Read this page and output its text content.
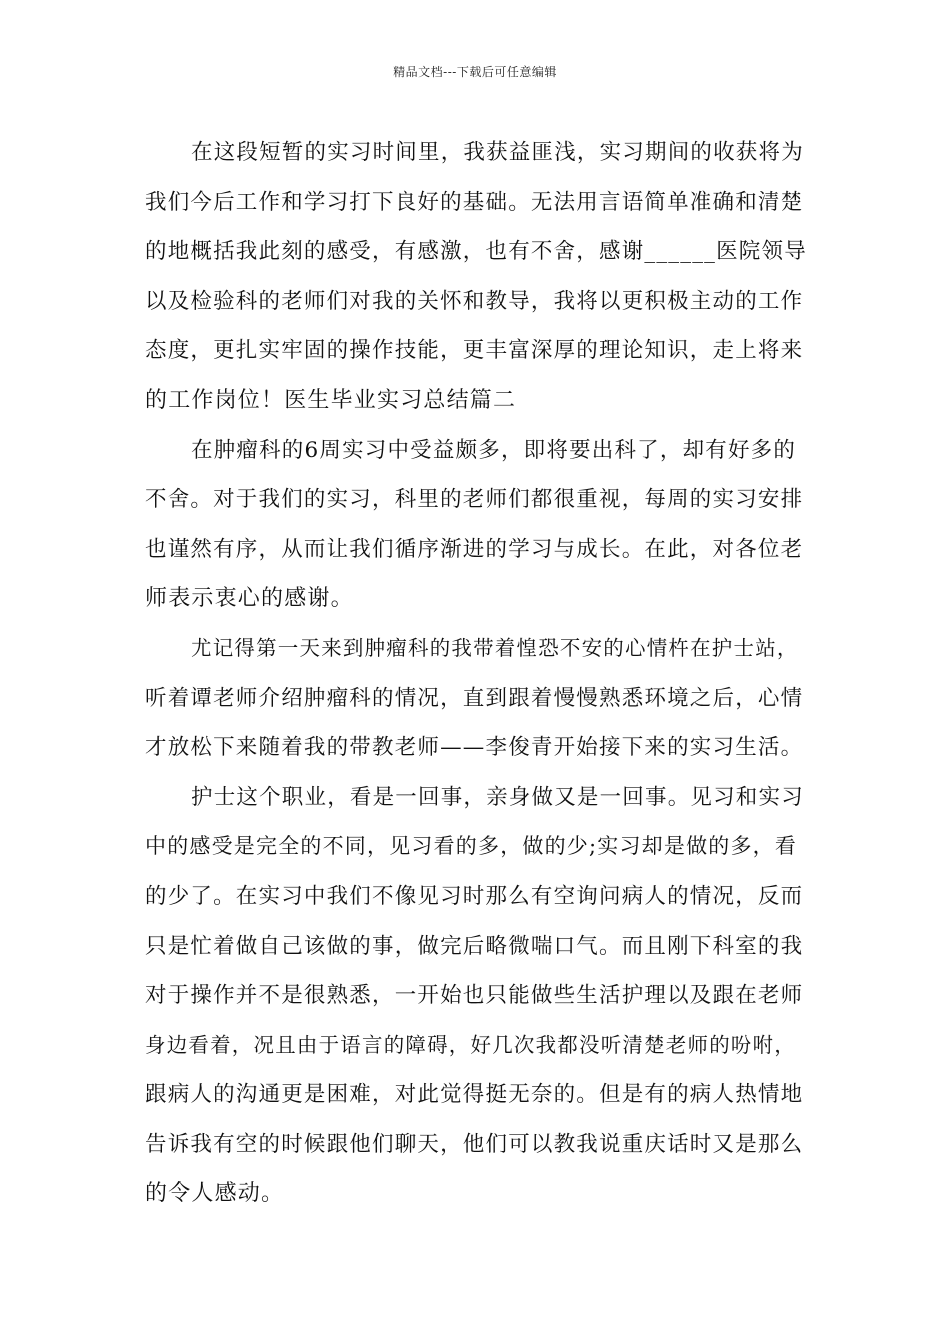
精品文档---下载后可任意编辑
在这段短暂的实习时间里，我获益匪浅，实习期间的收获将为
我们今后工作和学习打下良好的基础。无法用言语简单准确和清楚
的地概括我此刻的感受，有感激，也有不舍，感谢______医院领导
以及检验科的老师们对我的关怀和教导，我将以更积极主动的工作
态度，更扎实牢固的操作技能，更丰富深厚的理论知识，走上将来
的工作岗位！医生毕业实习总结篇二
在肿瘤科的6周实习中受益颇多，即将要出科了，却有好多的
不舍。对于我们的实习，科里的老师们都很重视，每周的实习安排
也谨然有序，从而让我们循序渐进的学习与成长。在此，对各位老
师表示衷心的感谢。
尤记得第一天来到肿瘤科的我带着惶恐不安的心情杵在护士站，
听着谭老师介绍肿瘤科的情况，直到跟着慢慢熟悉环境之后，心情
才放松下来随着我的带教老师——李俊青开始接下来的实习生活。
护士这个职业，看是一回事，亲身做又是一回事。见习和实习
中的感受是完全的不同，见习看的多，做的少;实习却是做的多，看
的少了。在实习中我们不像见习时那么有空询问病人的情况，反而
只是忙着做自己该做的事，做完后略微喘口气。而且刚下科室的我
对于操作并不是很熟悉，一开始也只能做些生活护理以及跟在老师
身边看着，况且由于语言的障碍，好几次我都没听清楚老师的吩咐，
跟病人的沟通更是困难，对此觉得挺无奈的。但是有的病人热情地
告诉我有空的时候跟他们聊天，他们可以教我说重庆话时又是那么
的令人感动。
